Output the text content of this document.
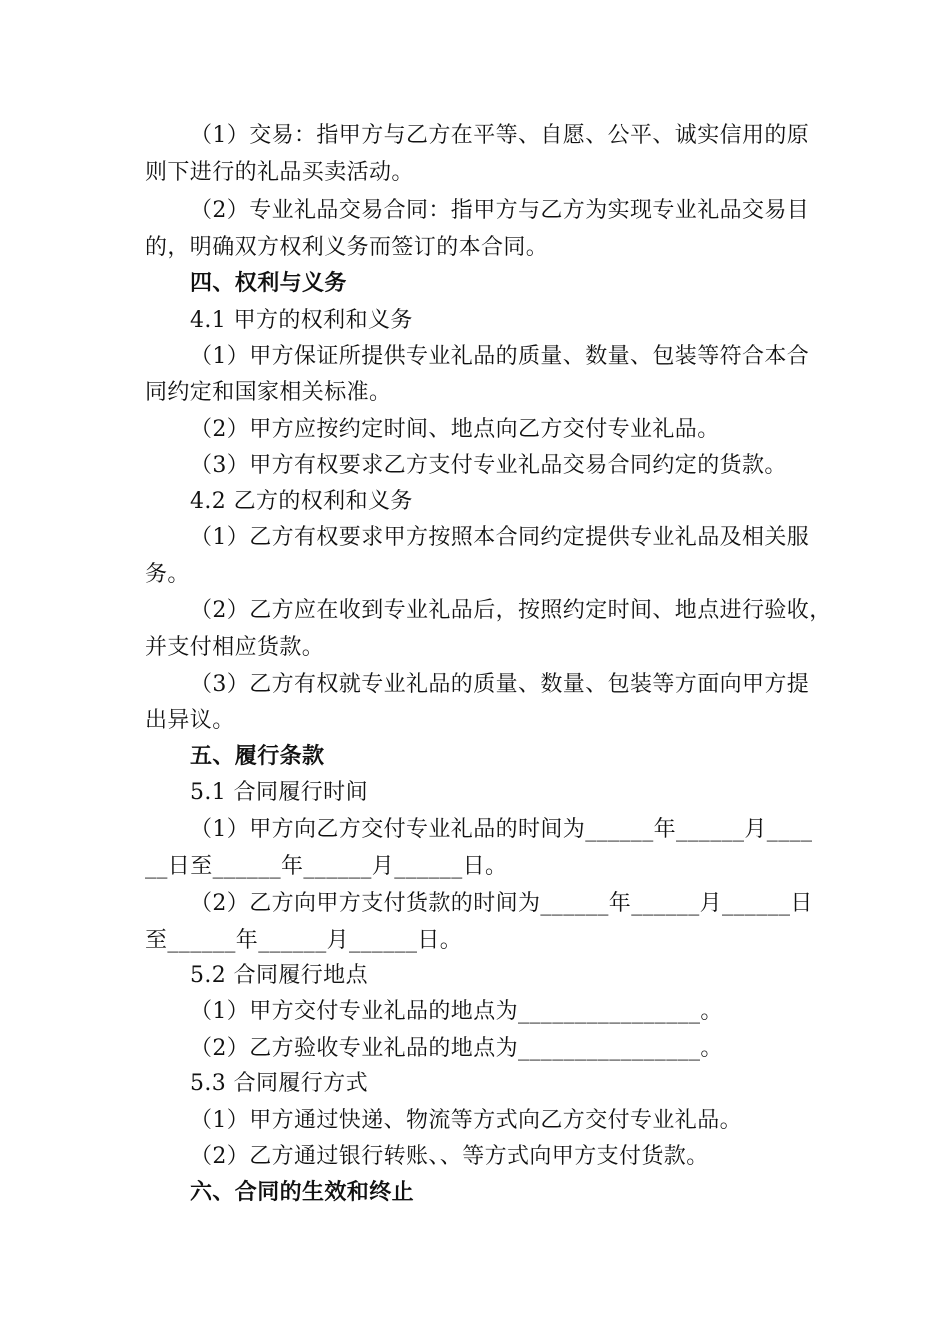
（1）交易：指甲方与乙方在平等、自愿、公平、诚实信用的原

则下进行的礼品买卖活动。

（2）专业礼品交易合同：指甲方与乙方为实现专业礼品交易目

的，明确双方权利义务而签订的本合同。

四、权利与义务

4.1 甲方的权利和义务

（1）甲方保证所提供专业礼品的质量、数量、包装等符合本合

同约定和国家相关标准。

（2）甲方应按约定时间、地点向乙方交付专业礼品。

（3）甲方有权要求乙方支付专业礼品交易合同约定的货款。

4.2 乙方的权利和义务

（1）乙方有权要求甲方按照本合同约定提供专业礼品及相关服

务。

（2）乙方应在收到专业礼品后，按照约定时间、地点进行验收，

并支付相应货款。

（3）乙方有权就专业礼品的质量、数量、包装等方面向甲方提

出异议。

五、履行条款

5.1 合同履行时间

（1）甲方向乙方交付专业礼品的时间为______年______月____

__日至______年______月______日。

（2）乙方向甲方支付货款的时间为______年______月______日

至______年______月______日。

5.2 合同履行地点

（1）甲方交付专业礼品的地点为________________。

（2）乙方验收专业礼品的地点为________________。

5.3 合同履行方式

（1）甲方通过快递、物流等方式向乙方交付专业礼品。

（2）乙方通过银行转账、、等方式向甲方支付货款。

六、合同的生效和终止
